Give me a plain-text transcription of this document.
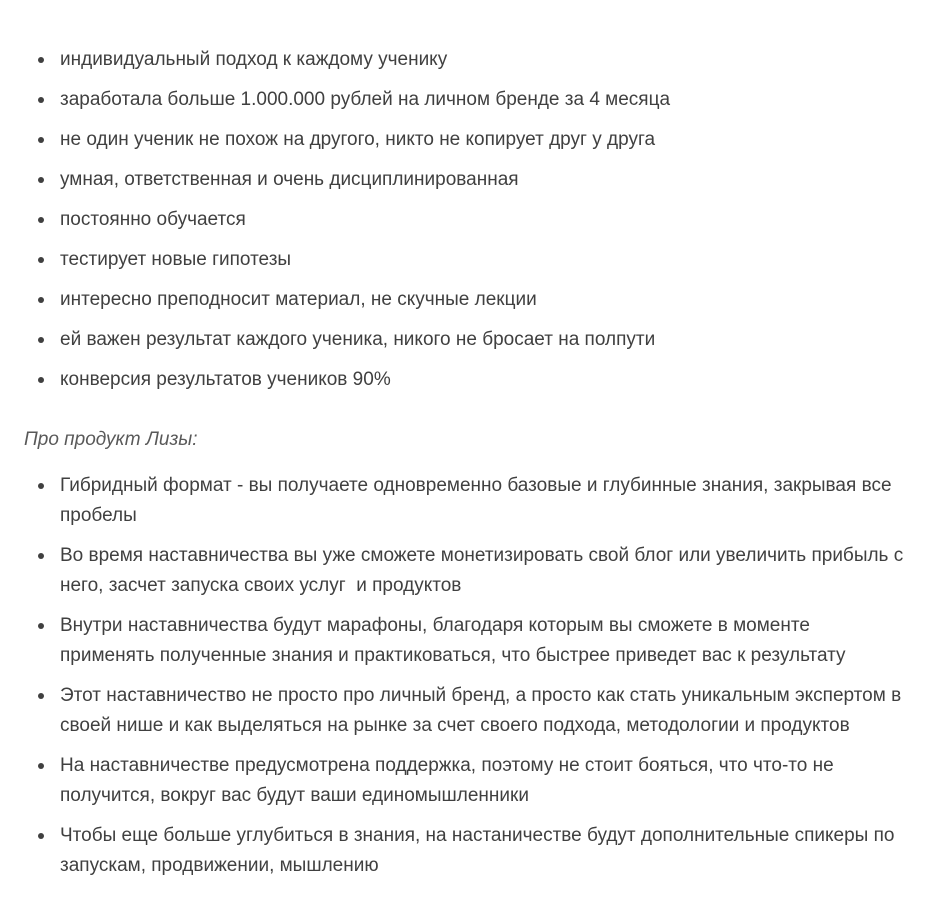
индивидуальный подход к каждому ученику
заработала больше 1.000.000 рублей на личном бренде за 4 месяца
не один ученик не похож на другого, никто не копирует друг у друга
умная, ответственная и очень дисциплинированная
постоянно обучается
тестирует новые гипотезы
интересно преподносит материал, не скучные лекции
ей важен результат каждого ученика, никого не бросает на полпути
конверсия результатов учеников 90%
Про продукт Лизы:
Гибридный формат - вы получаете одновременно базовые и глубинные знания, закрывая все пробелы
Во время наставничества вы уже сможете монетизировать свой блог или увеличить прибыль с него, засчет запуска своих услуг  и продуктов
Внутри наставничества будут марафоны, благодаря которым вы сможете в моменте применять полученные знания и практиковаться, что быстрее приведет вас к результату
Этот наставничество не просто про личный бренд, а просто как стать уникальным экспертом в своей нише и как выделяться на рынке за счет своего подхода, методологии и продуктов
На наставничестве предусмотрена поддержка, поэтому не стоит бояться, что что-то не получится, вокруг вас будут ваши единомышленники
Чтобы еще больше углубиться в знания, на настаничестве будут дополнительные спикеры по запускам, продвижении, мышлению
